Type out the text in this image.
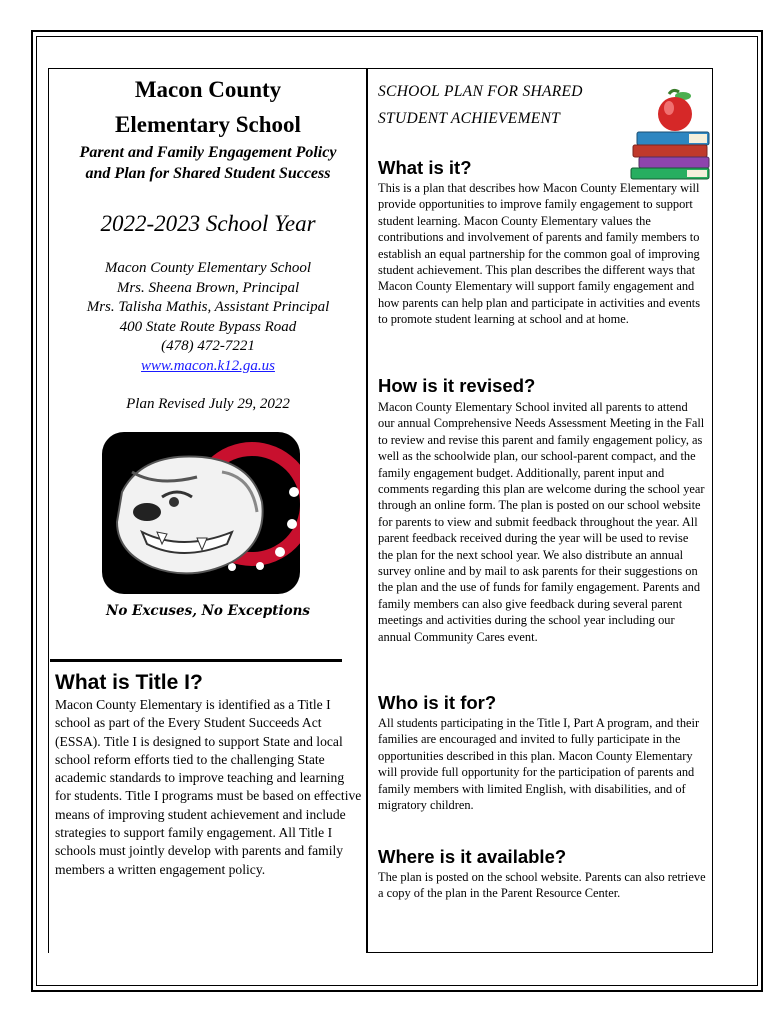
Macon County
Elementary School
Parent and Family Engagement Policy
and Plan for Shared Student Success
2022-2023 School Year
Macon County Elementary School
Mrs. Sheena Brown, Principal
Mrs. Talisha Mathis, Assistant Principal
400 State Route Bypass Road
(478) 472-7221
www.macon.k12.ga.us
Plan Revised July 29, 2022
No Excuses, No Exceptions
What is Title I?
Macon County Elementary is identified as a Title I school as part of the Every Student Succeeds Act (ESSA). Title I is designed to support State and local school reform efforts tied to the challenging State academic standards to improve teaching and learning for students. Title I programs must be based on effective means of improving student achievement and include strategies to support family engagement. All Title I schools must jointly develop with parents and family members a written engagement policy.
SCHOOL PLAN FOR SHARED
STUDENT ACHIEVEMENT
What is it?
This is a plan that describes how Macon County Elementary will provide opportunities to improve family engagement to support student learning. Macon County Elementary values the contributions and involvement of parents and family members to establish an equal partnership for the common goal of improving student achievement. This plan describes the different ways that Macon County Elementary will support family engagement and how parents can help plan and participate in activities and events to promote student learning at school and at home.
How is it revised?
Macon County Elementary School invited all parents to attend our annual Comprehensive Needs Assessment Meeting in the Fall to review and revise this parent and family engagement policy, as well as the schoolwide plan, our school-parent compact, and the family engagement budget. Additionally, parent input and comments regarding this plan are welcome during the school year through an online form. The plan is posted on our school website for parents to view and submit feedback throughout the year. All parent feedback received during the year will be used to revise the plan for the next school year. We also distribute an annual survey online and by mail to ask parents for their suggestions on the plan and the use of funds for family engagement. Parents and family members can also give feedback during several parent meetings and activities during the school year including our annual Community Cares event.
Who is it for?
All students participating in the Title I, Part A program, and their families are encouraged and invited to fully participate in the opportunities described in this plan. Macon County Elementary will provide full opportunity for the participation of parents and family members with limited English, with disabilities, and of migratory children.
Where is it available?
The plan is posted on the school website. Parents can also retrieve a copy of the plan in the Parent Resource Center.
